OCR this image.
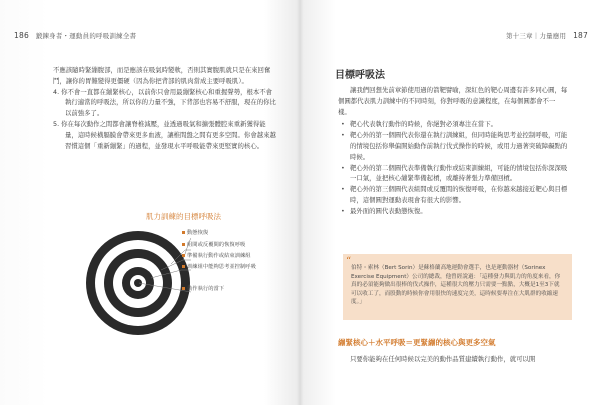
186 鍛鍊身者・運動員的呼吸訓練全書

不應該隨時緊繃腹部，而是應該在吸氣時變軟，否則其實腹肌就只是在來回奮鬥，讓你的胃難變得更僵硬（因為你把背部的肌肉當成主要呼吸肌）。

4. 你不會一直都在繃緊核心，以前你只會用最繃緊核心和重握聲勢，根本不會執行適當的呼吸法，所以你的力量不強，下背部也容易不舒服，現在的你比以前強多了。

5. 你在每次動作之間都會讓脊椎減壓，並透過吸氣和擴張體腔來重新獲得能量，這時候橫膈膜會帶來更多血液，讓椎間盤之間有更多空間。你會越來越習慣這個「重新繃緊」的過程，並發現水平呼吸能帶來更堅實的核心。

肌力訓練的目標呼吸法
動態恢復
組間或反覆間的恢復呼吸
準備執行動作或結束訓練組
訓練組中能夠思考並控制呼吸
動作執行的當下
第十三章｜力量應用 187
目標呼吸法

讓我們回想先前章節使用過的箭靶譬喻，深紅色的靶心周邊有許多同心圓，每個圓都代表肌力訓練中的不同時刻，你對呼吸的意識程度，在每個圓都會不一樣。

• 靶心代表執行動作的時候，你絕對必須專注在當下。
• 靶心外的第一個圓代表你還在執行訓練組，但同時能夠思考並控制呼吸，可能的情境包括你舉偏開始動作前執行伐式操作的時候，或用力過著突破障礙點的時候。
• 靶心外的第二個圓代表準備執行動作或結束訓練組，可能的情境包括你深深吸一口氣，並把核心繃緊準備起槓，或離持著張力準備回槓。
• 靶心外的第三個圓代表組間或反覆間的恢復呼吸，在你越來越接近靶心與目標時，這個圓對運動表現會有很大的影響。
• 最外面的圓代表動態恢復。
“
伯特・索林（Bert Sorin）是蘇格蘭高地運動會選手，也是運動器材（Sorinex Exercise Equipment）公司的總裁，他曾經說過：「這種發力與肌力的角度來看，你真的必須能夠做出很棒的伐式操作，這種很大的壓力只需要一點點，大概是1至3下就可以收工了，而股動的時候你會用很快的速度完美，這時候要專注在大肌群的收縮速度。」
繃緊核心＋水平呼吸＝更緊繃的核心與更多空氣
只要你能夠在任何時候以完美的動作品質建續執行動作，就可以開
